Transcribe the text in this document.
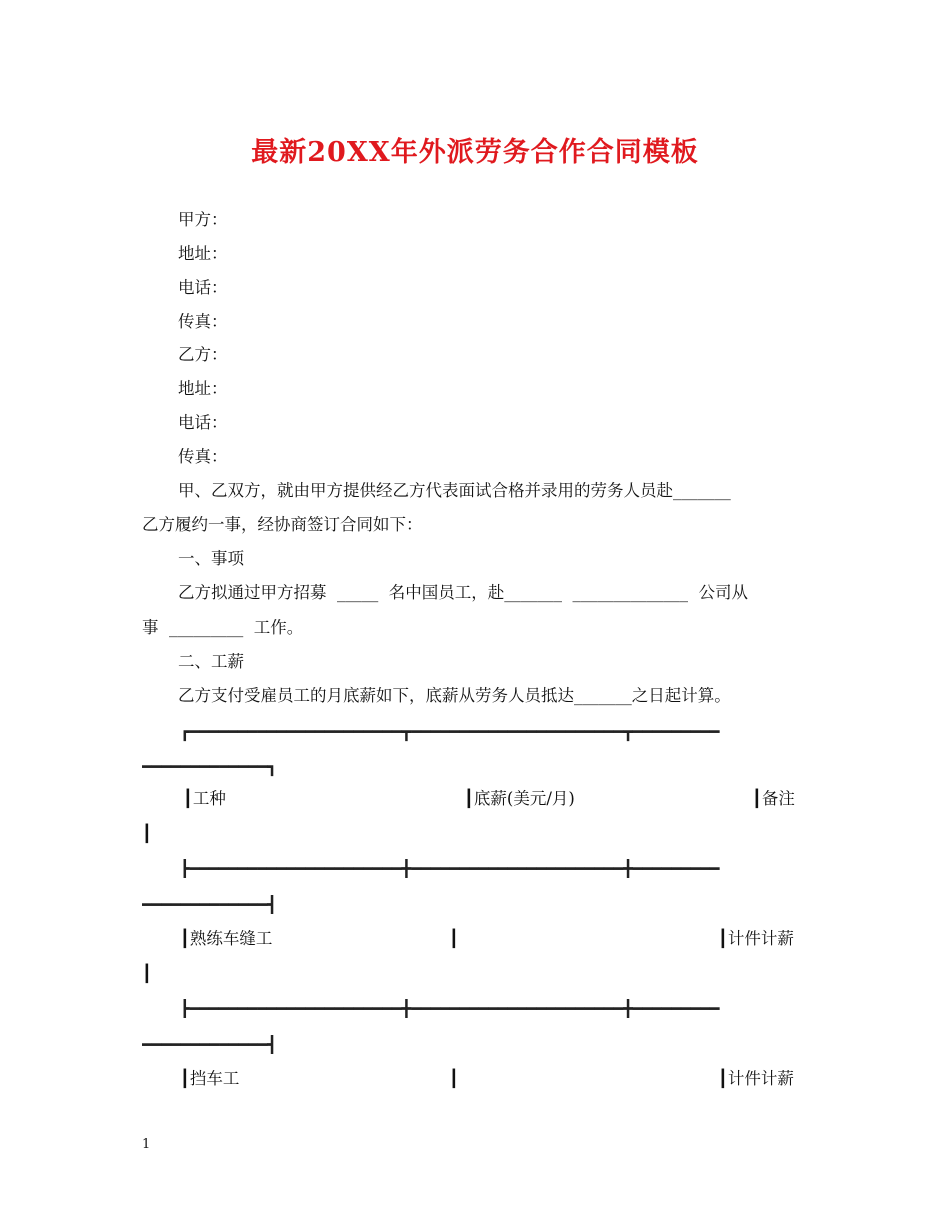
最新20XX年外派劳务合作合同模板
甲方：
地址：
电话：
传真：
乙方：
地址：
电话：
传真：
甲、乙双方，就由甲方提供经乙方代表面试合格并录用的劳务人员赴_______
乙方履约一事，经协商签订合同如下：
一、事项
乙方拟通过甲方招募  _____  名中国员工，赴_______  ______________  公司从
事  _________  工作。
二、工薪
乙方支付受雇员工的月底薪如下，底薪从劳务人员抵达_______之日起计算。
┏━━━━━━━━━━━━━━━━━━━━━━┳━━━━━━━━━━━━━━━━━━━━━━┳━━━━━━━━━
━━━━━━━━━━━━━┓
┃工种	┃底薪(美元/月)	┃备注
┃
┣━━━━━━━━━━━━━━━━━━━━━━╋━━━━━━━━━━━━━━━━━━━━━━╋━━━━━━━━━
━━━━━━━━━━━━━┫
┃熟练车缝工	┃	┃计件计薪
┃
┣━━━━━━━━━━━━━━━━━━━━━━╋━━━━━━━━━━━━━━━━━━━━━━╋━━━━━━━━━
━━━━━━━━━━━━━┫
┃挡车工	┃	┃计件计薪
1
